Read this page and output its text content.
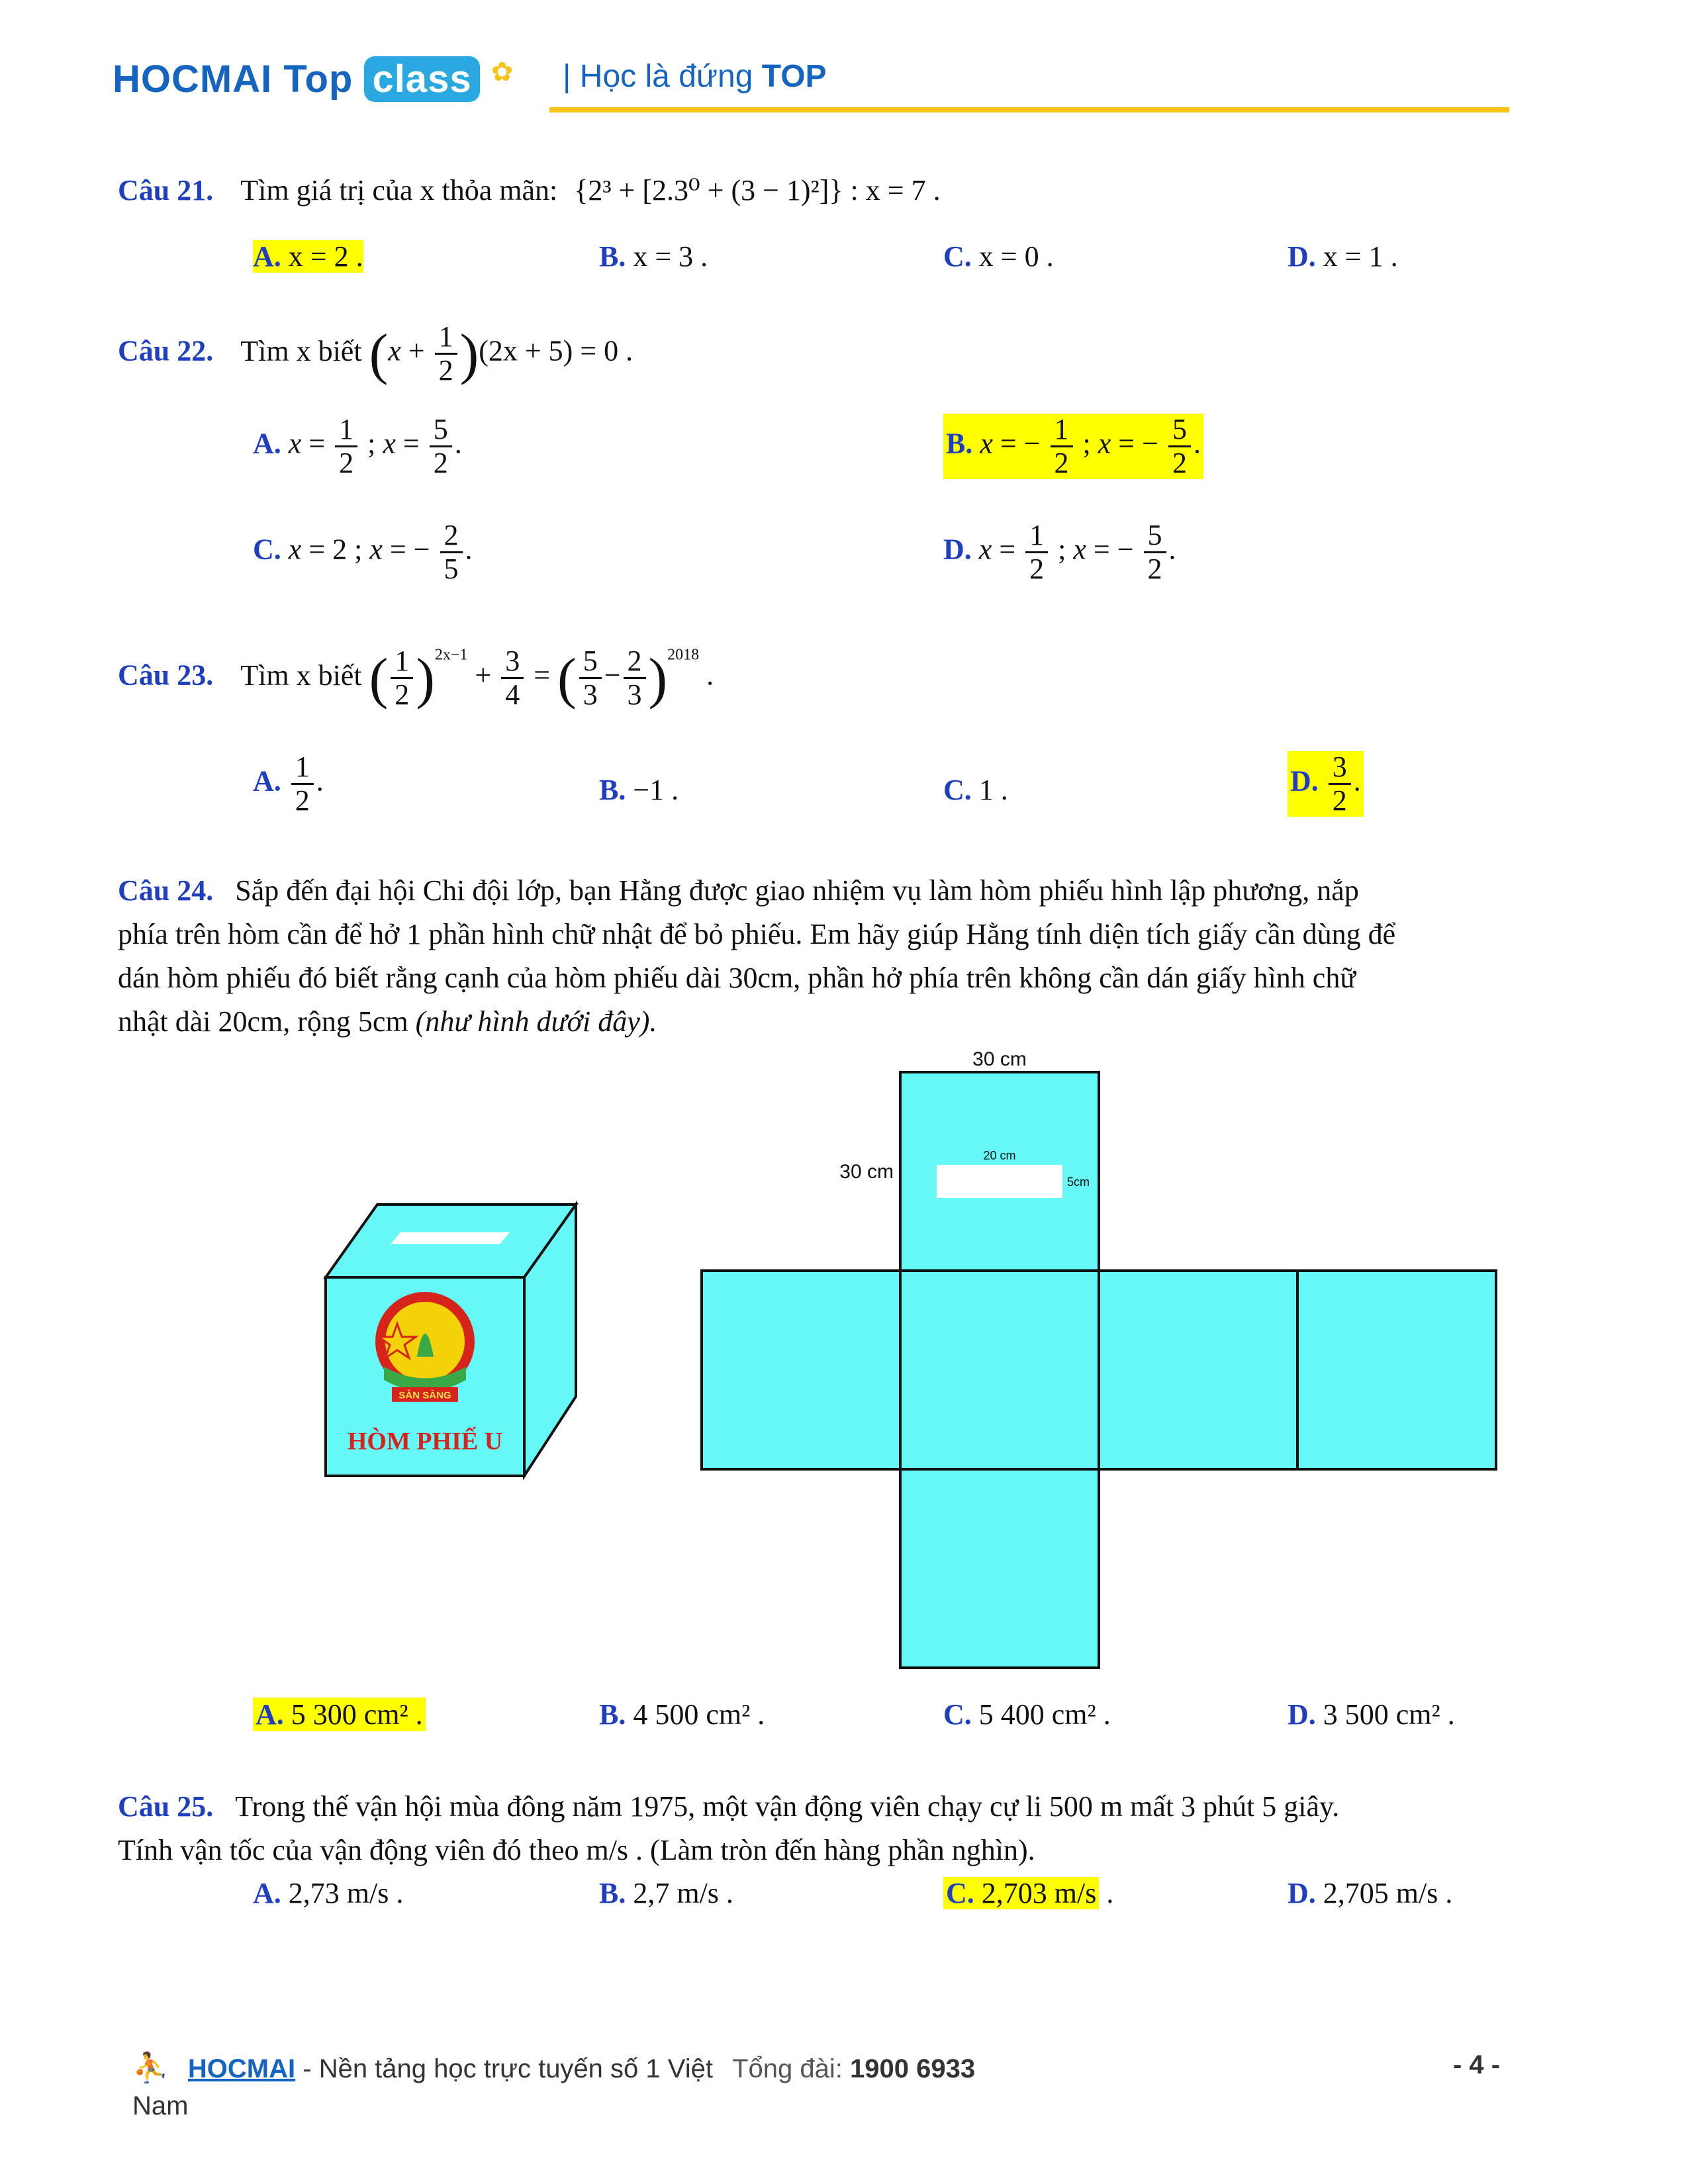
HOCMAI Top class ✿ | Học là đứng TOP
Câu 21. Tìm giá trị của x thỏa mãn: {2³ + [2.3⁰ + (3 − 1)²]} : x = 7 .
A. x = 2 .	B. x = 3 .	C. x = 0 .	D. x = 1 .
Câu 22. Tìm x biết $(x + \frac{1}{2} )(2x + 5) = 0$ .
A. $x = \frac{1}{2}$ ; $x = \frac{5}{2}$ .	B. x = − $\frac{1}{2}$ ; x = − $\frac{5}{2}$ .
C. x = 2 ; x = − $\frac{2}{5}$ .	D. $x = \frac{1}{2}$ ; x = − $\frac{5}{2}$ .
Câu 23. Tìm x biết ( $\frac{1}{2} )^{2x-1} + \frac{3}{4}$ = ( $\frac{5}{3} - \frac{2}{3} )^{2018}$ .
A. $\frac{1}{2}$ .	B. −1 .	C. 1 .	D. $\frac{3}{2}$ .
Câu 24. Sắp đến đại hội Chi đội lớp, bạn Hằng được giao nhiệm vụ làm hòm phiếu hình lập phương, nắp
phía trên hòm cần để hở 1 phần hình chữ nhật để bỏ phiếu. Em hãy giúp Hằng tính diện tích giấy cần dùng để
dán hòm phiếu đó biết rằng cạnh của hòm phiếu dài 30cm, phần hở phía trên không cần dán giấy hình chữ
nhật dài 20cm, rộng 5cm (như hình dưới đây).
SẴN SÀNG
HÒM PHIẾ U
30 cm
30 cm
20 cm
5cm
A. 5 300 cm² .	B. 4 500 cm² .	C. 5 400 cm² .	D. 3 500 cm² .
Câu 25. Trong thế vận hội mùa đông năm 1975, một vận động viên chạy cự li 500 m mất 3 phút 5 giây.
Tính vận tốc của vận động viên đó theo m/s . (Làm tròn đến hàng phần nghìn).
A. 2,73 m/s .	B. 2,7 m/s .	C. 2,703 m/s .	D. 2,705 m/s .
⛹ HOCMAI - Nền tảng học trực tuyến số 1 Việt Tổng đài: 1900 6933	- 4 -
Nam
